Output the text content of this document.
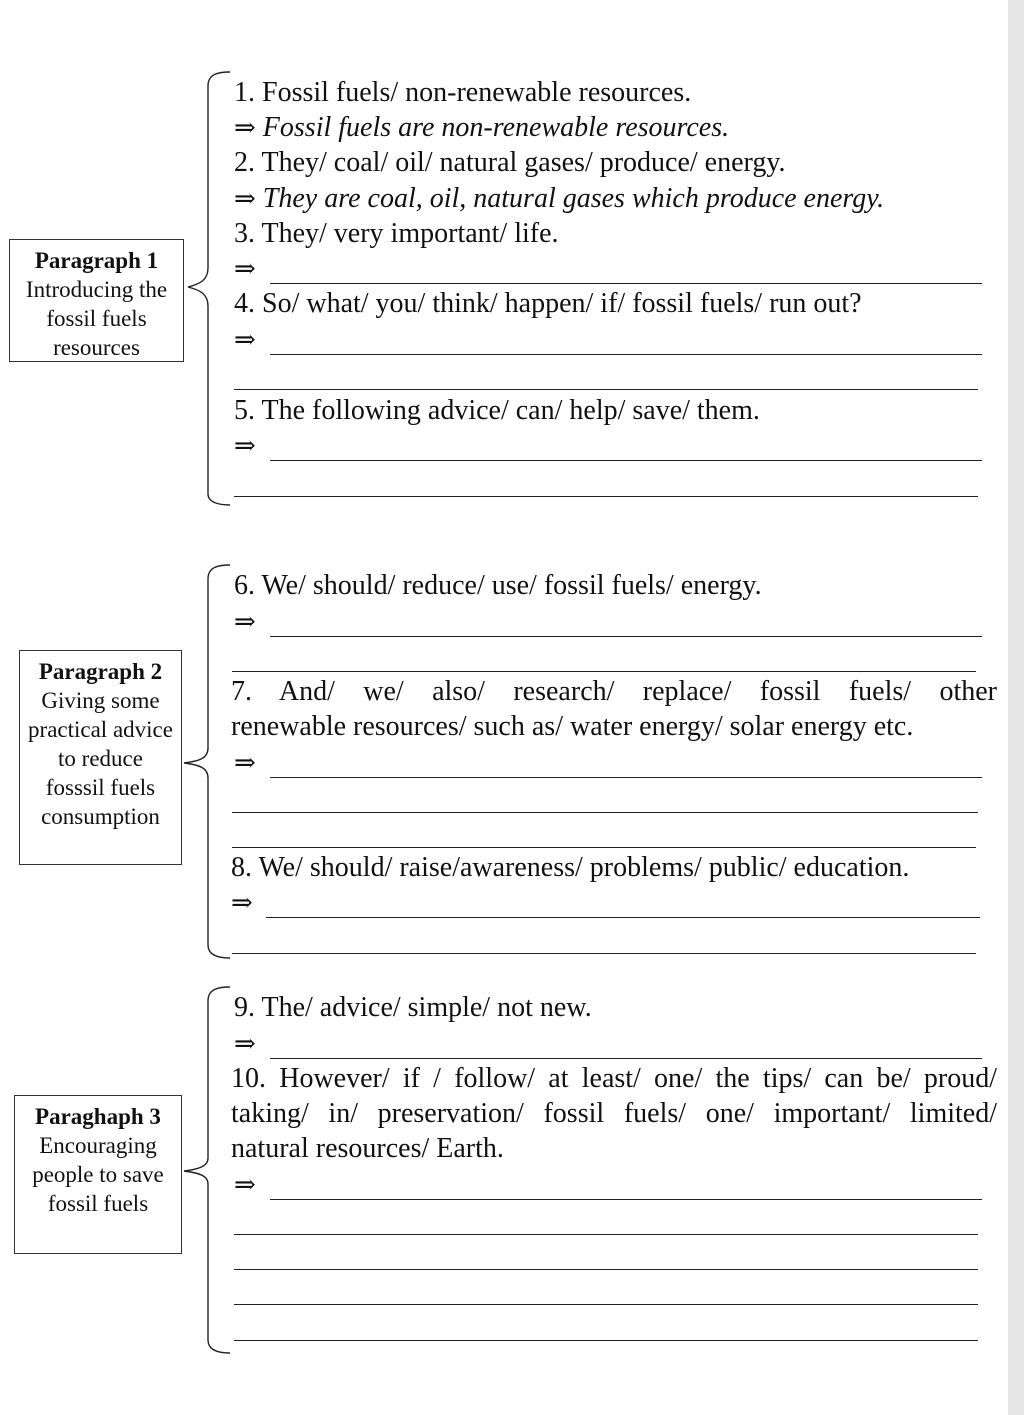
Paragraph 1
Introducing the fossil fuels resources
Paragraph 2
Giving some practical advice to reduce fosssil fuels consumption
Paraghaph 3
Encouraging people to save fossil fuels
1. Fossil fuels/ non-renewable resources.
⇒ Fossil fuels are non-renewable resources.
2. They/ coal/ oil/ natural gases/ produce/ energy.
⇒ They are coal, oil, natural gases which produce energy.
3. They/ very important/ life.
⇒
4. So/ what/ you/ think/ happen/ if/ fossil fuels/ run out?
⇒
5. The following advice/ can/ help/ save/ them.
⇒
6. We/ should/ reduce/ use/ fossil fuels/ energy.
⇒
7. And/ we/ also/ research/ replace/ fossil fuels/ other
renewable resources/ such as/ water energy/ solar energy etc.
⇒
8. We/ should/ raise/awareness/ problems/ public/ education.
⇒
9. The/ advice/ simple/ not new.
⇒
10. However/ if / follow/ at least/ one/ the tips/ can be/ proud/
taking/ in/ preservation/ fossil fuels/ one/ important/ limited/
natural resources/ Earth.
⇒
